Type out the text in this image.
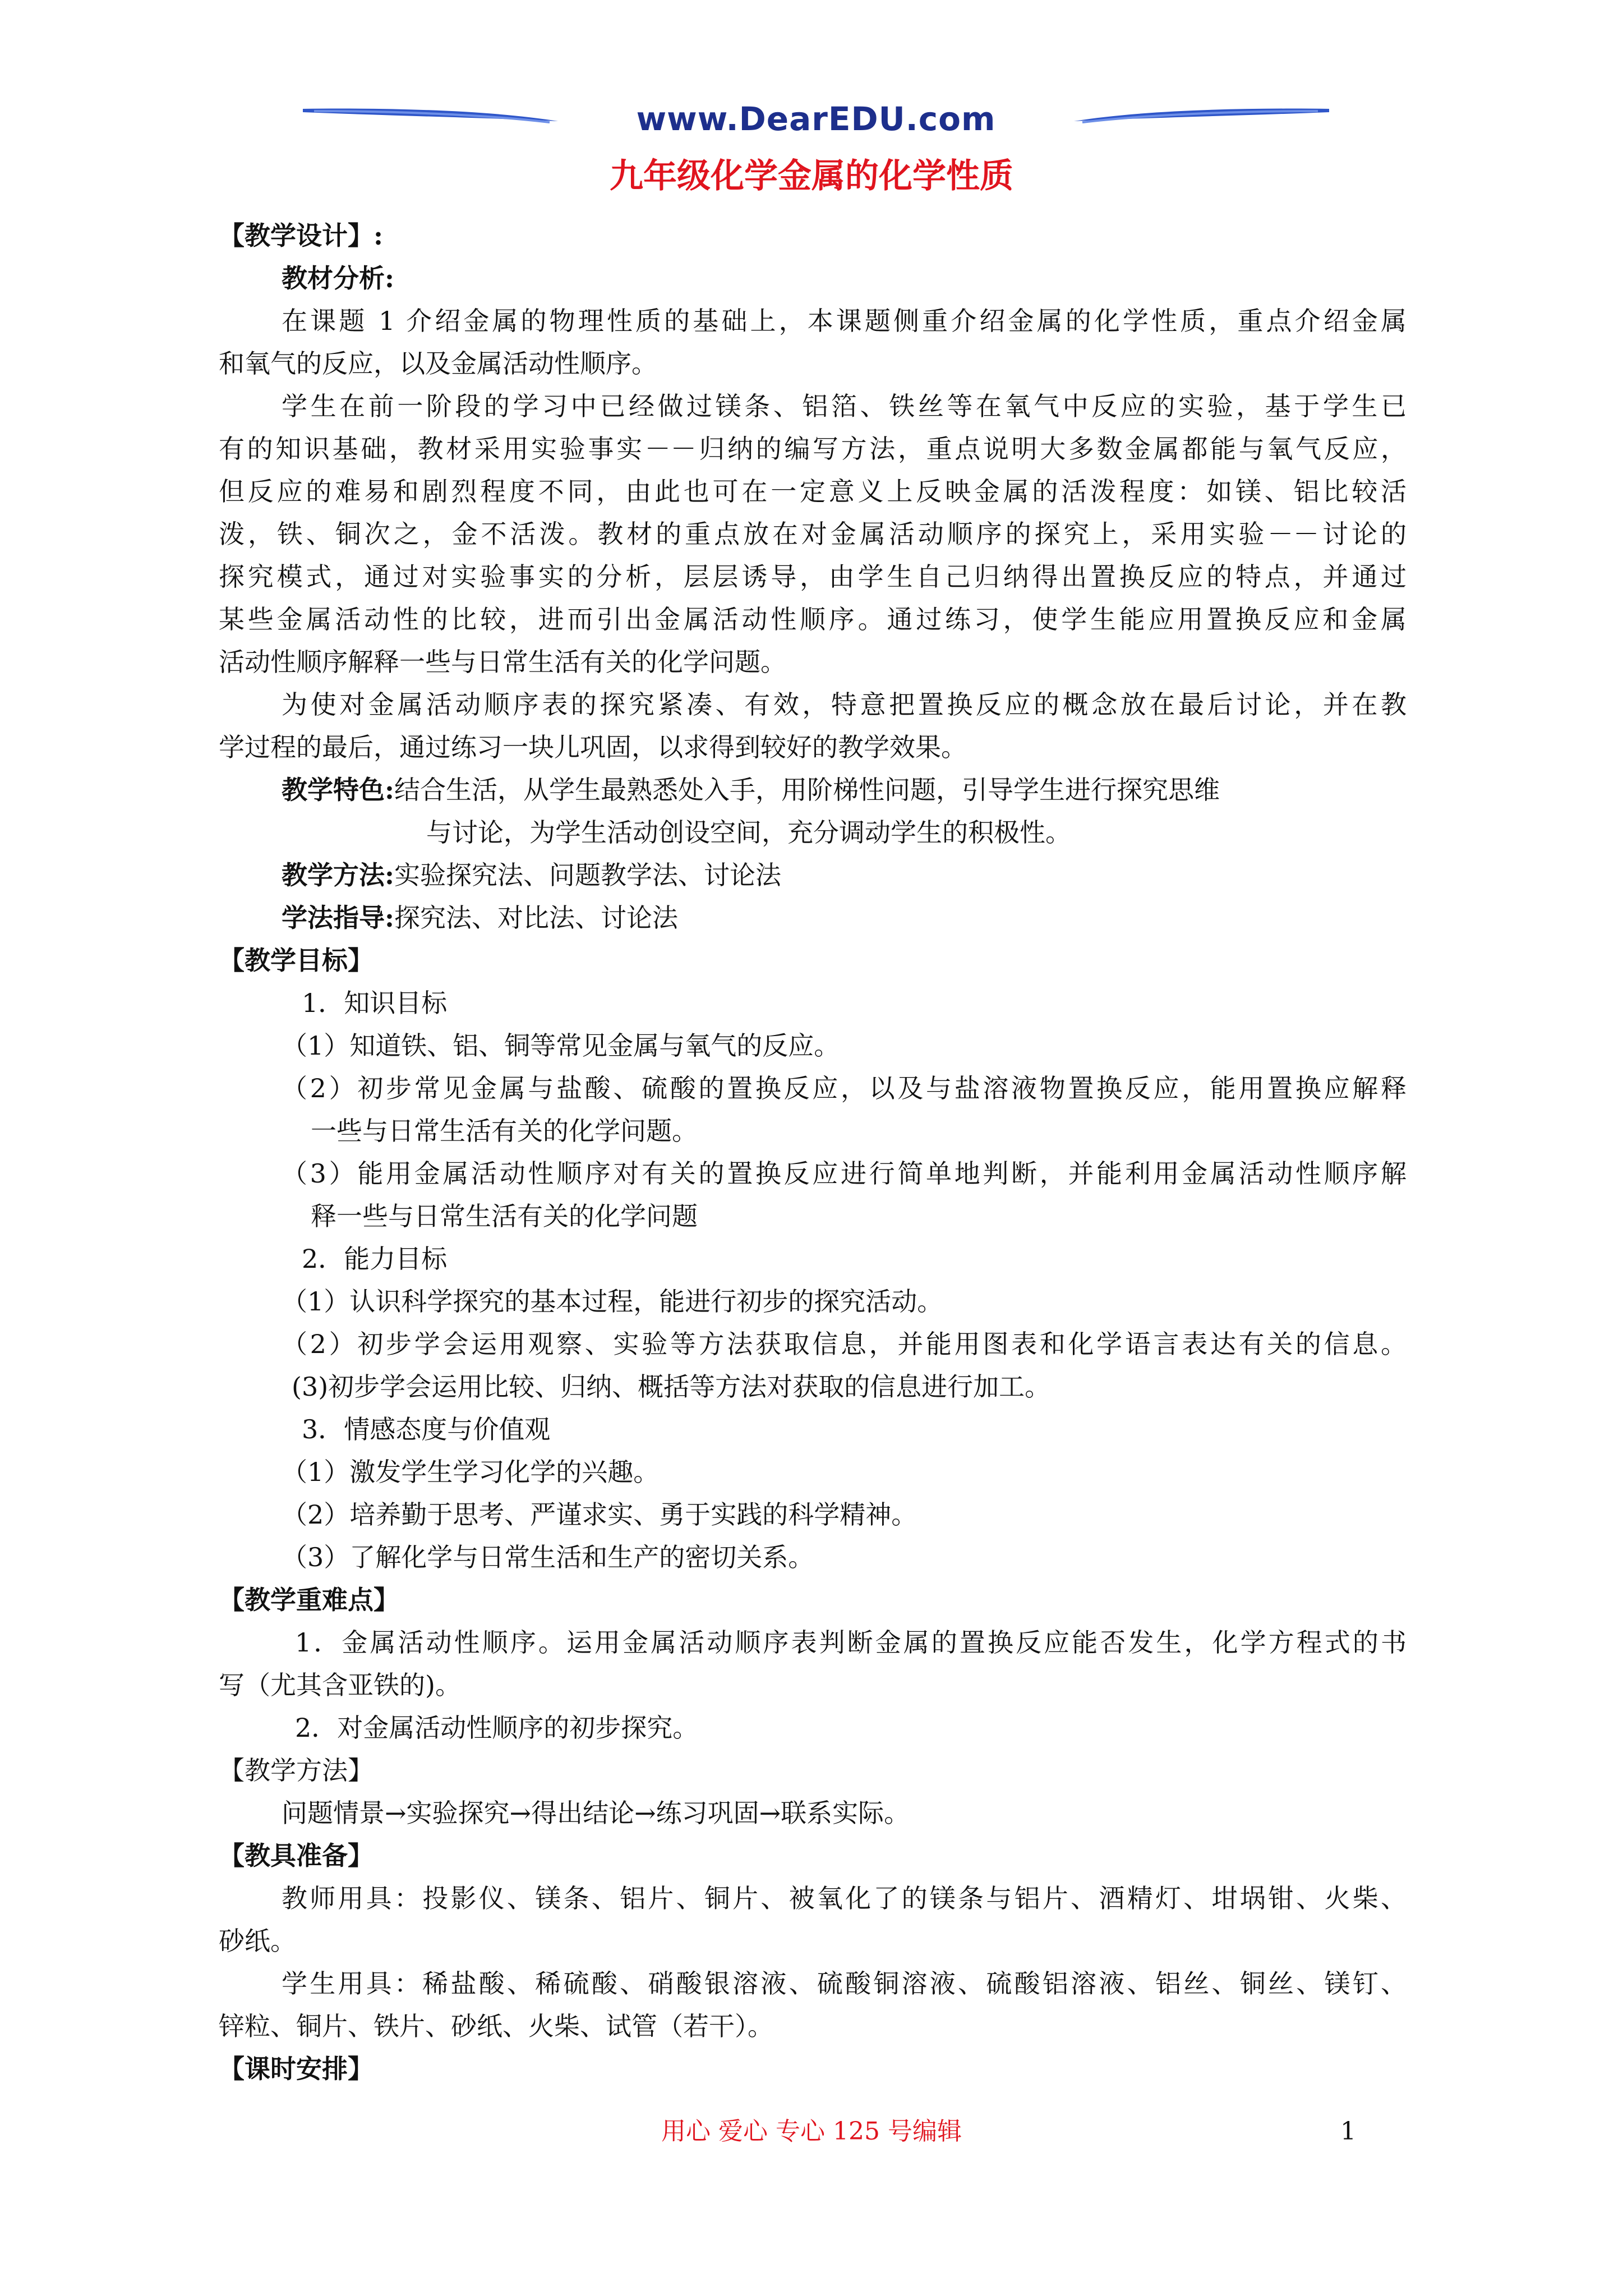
www.DearEDU.com
九年级化学金属的化学性质
【教学设计】:
教材分析:
在课题 1 介绍金属的物理性质的基础上，本课题侧重介绍金属的化学性质，重点介绍金属
和氧气的反应，以及金属活动性顺序。
学生在前一阶段的学习中已经做过镁条、铝箔、铁丝等在氧气中反应的实验，基于学生已
有的知识基础，教材采用实验事实－－归纳的编写方法，重点说明大多数金属都能与氧气反应，
但反应的难易和剧烈程度不同，由此也可在一定意义上反映金属的活泼程度：如镁、铝比较活
泼，铁、铜次之，金不活泼。教材的重点放在对金属活动顺序的探究上，采用实验－－讨论的
探究模式，通过对实验事实的分析，层层诱导，由学生自己归纳得出置换反应的特点，并通过
某些金属活动性的比较，进而引出金属活动性顺序。通过练习，使学生能应用置换反应和金属
活动性顺序解释一些与日常生活有关的化学问题。
为使对金属活动顺序表的探究紧凑、有效，特意把置换反应的概念放在最后讨论，并在教
学过程的最后，通过练习一块儿巩固，以求得到较好的教学效果。
教学特色:结合生活，从学生最熟悉处入手，用阶梯性问题，引导学生进行探究思维
与讨论，为学生活动创设空间，充分调动学生的积极性。
教学方法:实验探究法、问题教学法、讨论法
学法指导:探究法、对比法、讨论法
【教学目标】
1．知识目标
（1）知道铁、铝、铜等常见金属与氧气的反应。
（2）初步常见金属与盐酸、硫酸的置换反应，以及与盐溶液物置换反应，能用置换应解释
一些与日常生活有关的化学问题。
（3）能用金属活动性顺序对有关的置换反应进行简单地判断，并能利用金属活动性顺序解
释一些与日常生活有关的化学问题
2．能力目标
（1）认识科学探究的基本过程，能进行初步的探究活动。
（2）初步学会运用观察、实验等方法获取信息，并能用图表和化学语言表达有关的信息。
(3)初步学会运用比较、归纳、概括等方法对获取的信息进行加工。
3．情感态度与价值观
（1）激发学生学习化学的兴趣。
（2）培养勤于思考、严谨求实、勇于实践的科学精神。
（3）了解化学与日常生活和生产的密切关系。
【教学重难点】
1．金属活动性顺序。运用金属活动顺序表判断金属的置换反应能否发生，化学方程式的书
写（尤其含亚铁的)。
2．对金属活动性顺序的初步探究。
【教学方法】
问题情景→实验探究→得出结论→练习巩固→联系实际。
【教具准备】
教师用具：投影仪、镁条、铝片、铜片、被氧化了的镁条与铝片、酒精灯、坩埚钳、火柴、
砂纸。
学生用具：稀盐酸、稀硫酸、硝酸银溶液、硫酸铜溶液、硫酸铝溶液、铝丝、铜丝、镁钉、
锌粒、铜片、铁片、砂纸、火柴、试管（若干）。
【课时安排】
用心 爱心 专心 125 号编辑	1
